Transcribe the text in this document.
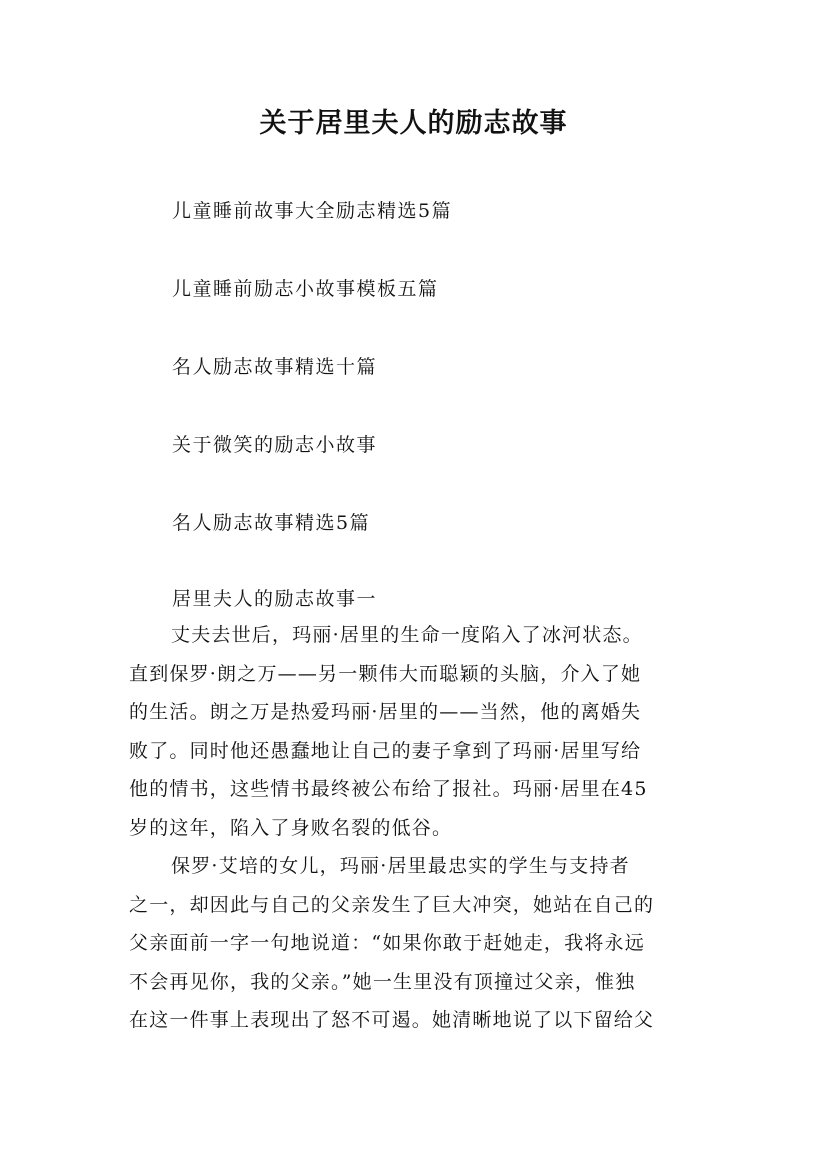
关于居里夫人的励志故事
儿童睡前故事大全励志精选5篇
儿童睡前励志小故事模板五篇
名人励志故事精选十篇
关于微笑的励志小故事
名人励志故事精选5篇
居里夫人的励志故事一
丈夫去世后，玛丽·居里的生命一度陷入了冰河状态。
直到保罗·朗之万——另一颗伟大而聪颖的头脑，介入了她
的生活。朗之万是热爱玛丽·居里的——当然，他的离婚失
败了。同时他还愚蠢地让自己的妻子拿到了玛丽·居里写给
他的情书，这些情书最终被公布给了报社。玛丽·居里在45
岁的这年，陷入了身败名裂的低谷。
保罗·艾培的女儿，玛丽·居里最忠实的学生与支持者
之一，却因此与自己的父亲发生了巨大冲突，她站在自己的
父亲面前一字一句地说道：“如果你敢于赶她走，我将永远
不会再见你，我的父亲。”她一生里没有顶撞过父亲，惟独
在这一件事上表现出了怒不可遏。她清晰地说了以下留给父
